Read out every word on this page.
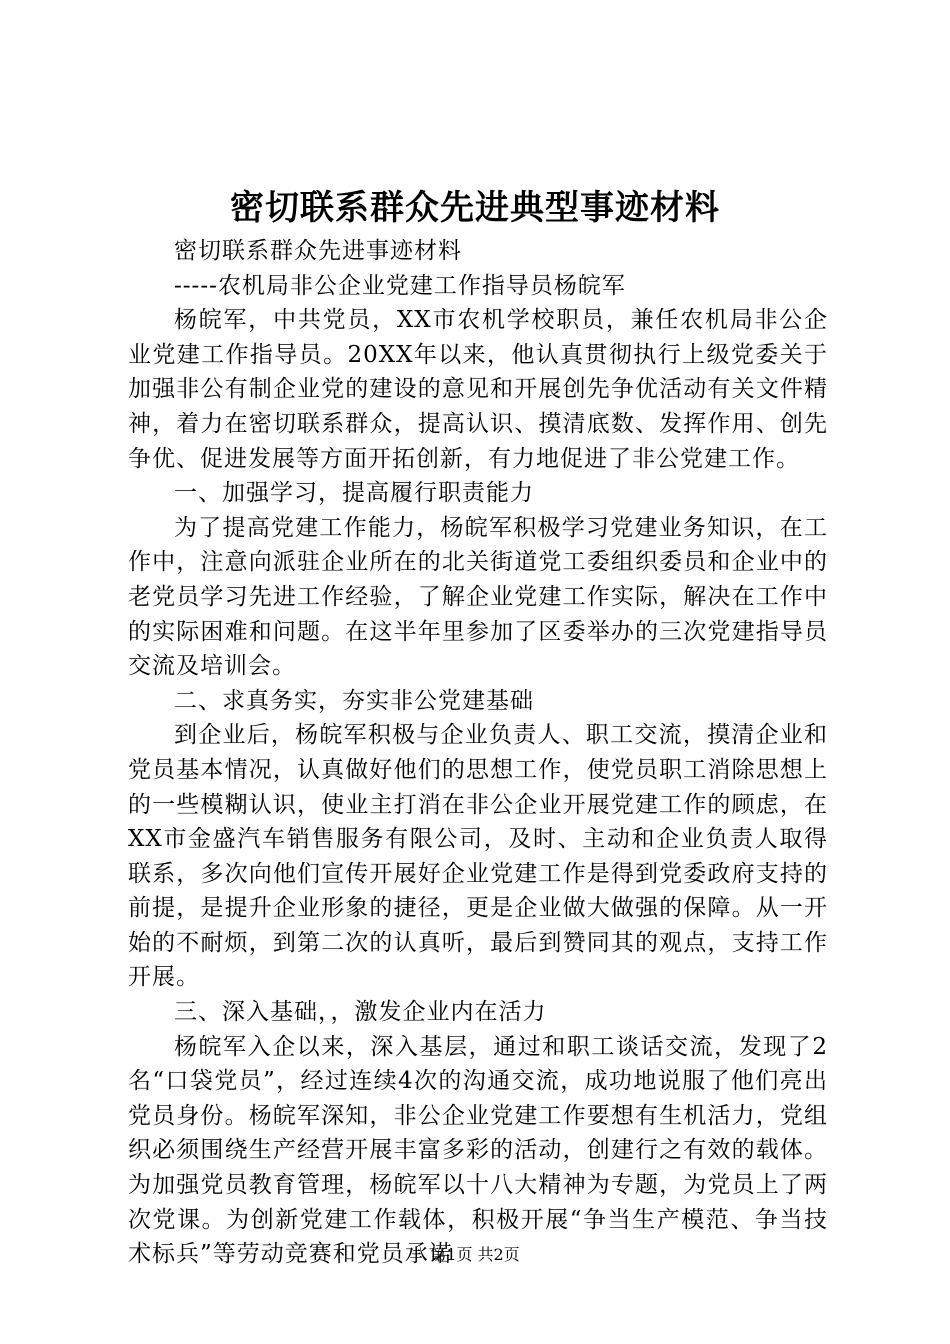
密切联系群众先进典型事迹材料

密切联系群众先进事迹材料

-----农机局非公企业党建工作指导员杨皖军

杨皖军，中共党员，XX市农机学校职员，兼任农机局非公企业党建工作指导员。20XX年以来，他认真贯彻执行上级党委关于加强非公有制企业党的建设的意见和开展创先争优活动有关文件精神，着力在密切联系群众，提高认识、摸清底数、发挥作用、创先争优、促进发展等方面开拓创新，有力地促进了非公党建工作。

一、加强学习，提高履行职责能力

为了提高党建工作能力，杨皖军积极学习党建业务知识，在工作中，注意向派驻企业所在的北关街道党工委组织委员和企业中的老党员学习先进工作经验，了解企业党建工作实际，解决在工作中的实际困难和问题。在这半年里参加了区委举办的三次党建指导员交流及培训会。

二、求真务实，夯实非公党建基础

到企业后，杨皖军积极与企业负责人、职工交流，摸清企业和党员基本情况，认真做好他们的思想工作，使党员职工消除思想上的一些模糊认识，使业主打消在非公企业开展党建工作的顾虑，在XX市金盛汽车销售服务有限公司，及时、主动和企业负责人取得联系，多次向他们宣传开展好企业党建工作是得到党委政府支持的前提，是提升企业形象的捷径，更是企业做大做强的保障。从一开始的不耐烦，到第二次的认真听，最后到赞同其的观点，支持工作开展。

三、深入基础，，激发企业内在活力

杨皖军入企以来，深入基层，通过和职工谈话交流，发现了2名“口袋党员”，经过连续4次的沟通交流，成功地说服了他们亮出党员身份。杨皖军深知，非公企业党建工作要想有生机活力，党组织必须围绕生产经营开展丰富多彩的活动，创建行之有效的载体。为加强党员教育管理，杨皖军以十八大精神为专题，为党员上了两次党课。为创新党建工作载体，积极开展“争当生产模范、争当技术标兵”等劳动竞赛和党员承诺

第1页 共2页
